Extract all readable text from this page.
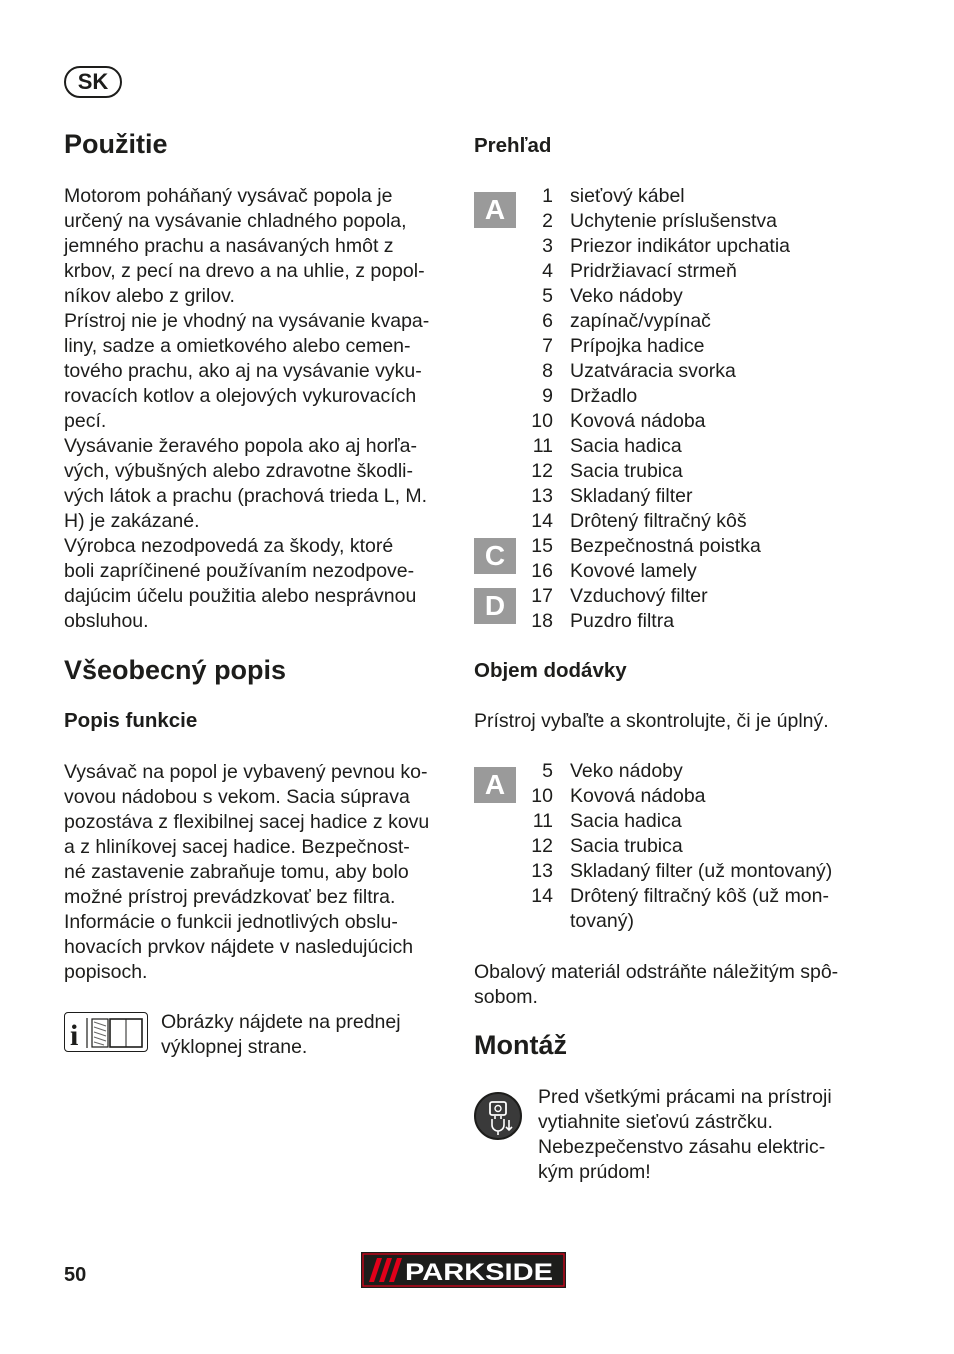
SK
Použitie

Motorom poháňaný vysávač popola je
určený na vysávanie chladného popola,
jemného prachu a nasávaných hmôt z
krbov, z pecí na drevo a na uhlie, z popol-
níkov alebo z grilov.
Prístroj nie je vhodný na vysávanie kvapa-
liny, sadze a omietkového alebo cemen-
tového prachu, ako aj na vysávanie vyku-
rovacích kotlov a olejových vykurovacích
pecí.
Vysávanie žeravého popola ako aj horľa-
vých, výbušných alebo zdravotne škodli-
vých látok a prachu (prachová trieda L, M.
H) je zakázané.
Výrobca nezodpovedá za škody, ktoré
boli zapríčinené používaním nezodpove-
dajúcim účelu použitia alebo nesprávnou
obsluhou.

Všeobecný popis
Popis funkcie

Vysávač na popol je vybavený pevnou ko-
vovou nádobou s vekom. Sacia súprava
pozostáva z flexibilnej sacej hadice z kovu
a z hliníkovej sacej hadice. Bezpečnost-
né zastavenie zabraňuje tomu, aby bolo
možné prístroj prevádzkovať bez filtra.
Informácie o funkcii jednotlivých obslu-
hovacích prvkov nájdete v nasledujúcich
popisoch.

i	Obrázky nájdete na prednej
výklopnej strane.

Prehľad
A
C
D
1 sieťový kábel
2 Uchytenie príslušenstva
3 Priezor indikátor upchatia
4 Pridržiavací strmeň
5 Veko nádoby
6 zapínač/vypínač
7 Prípojka hadice
8 Uzatváracia svorka
9 Držadlo
10 Kovová nádoba
11 Sacia hadica
12 Sacia trubica
13 Skladaný filter
14 Drôtený filtračný kôš
15 Bezpečnostná poistka
16 Kovové lamely
17 Vzduchový filter
18 Puzdro filtra
Objem dodávky
Prístroj vybaľte a skontrolujte, či je úplný.
A	5 Veko nádoby
10 Kovová nádoba
11 Sacia hadica
12 Sacia trubica
13 Skladaný filter (už montovaný)
14 Drôtený filtračný kôš (už mon-
tovaný)

Obalový materiál odstráňte náležitým spô-
sobom.

Montáž

Pred všetkými prácami na prístroji
vytiahnite sieťovú zástrčku.
Nebezpečenstvo zásahu elektric-
kým prúdom!

50	PARKSIDE
